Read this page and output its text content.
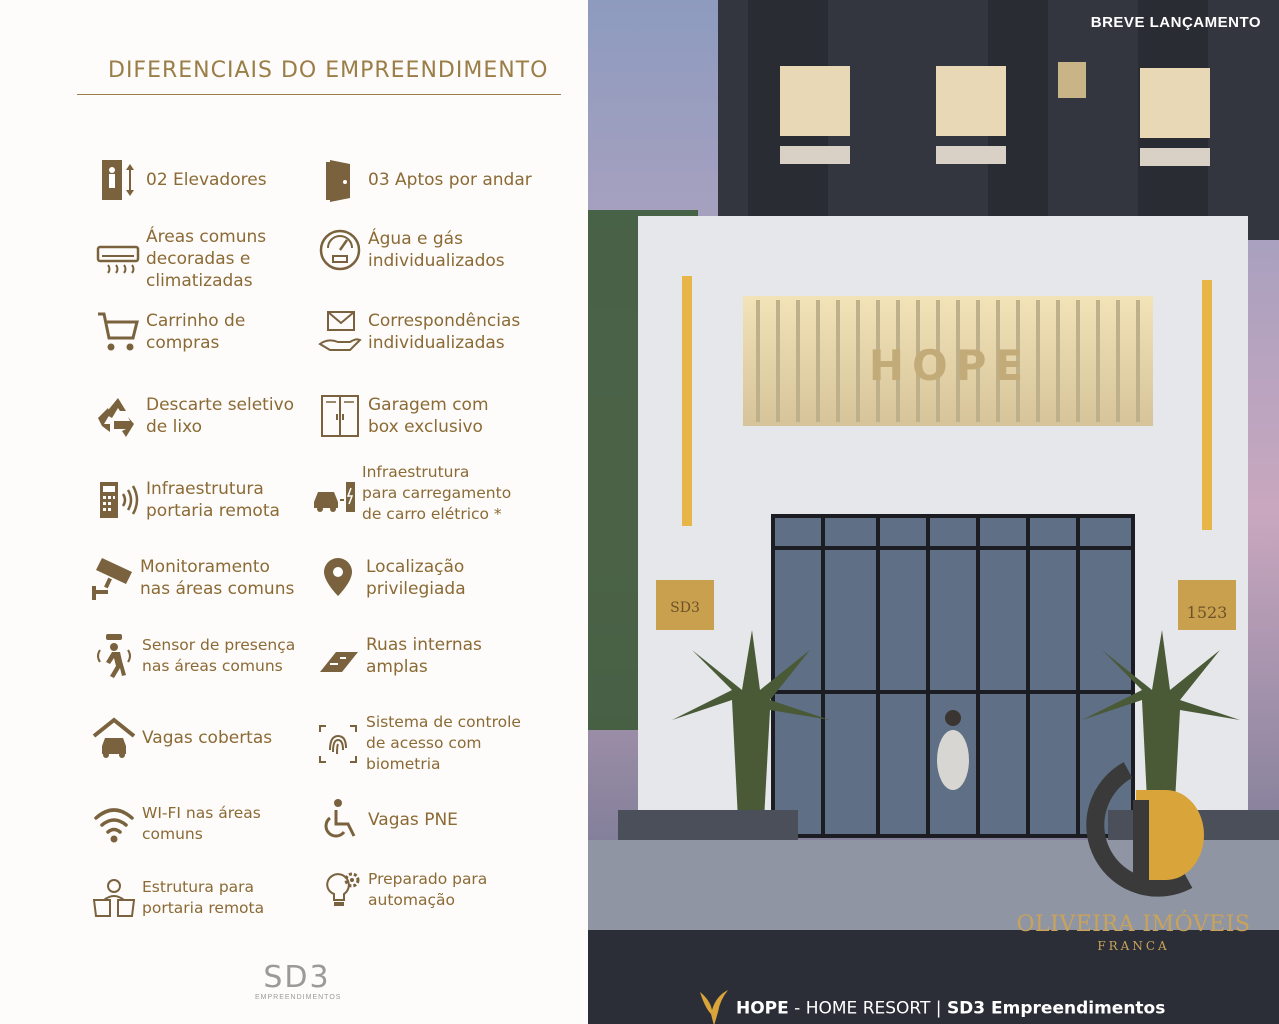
DIFERENCIAIS DO EMPREENDIMENTO
02 Elevadores	03 Aptos por andar
Áreas comuns
decoradas e
climatizadas
Água e gás
individualizados
Carrinho de
compras
Correspondências
individualizadas
Descarte seletivo
de lixo
Garagem com
box exclusivo
Infraestrutura
portaria remota
Infraestrutura
para carregamento
de carro elétrico *
Monitoramento
nas áreas comuns
Localização
privilegiada
Sensor de presença
nas áreas comuns
Ruas internas
amplas
Vagas cobertas
Sistema de controle
de acesso com
biometria
WI-FI nas áreas
comuns
Vagas PNE
Estrutura para
portaria remota
Preparado para
automação
SD3
EMPREENDIMENTOS
HOPE
SD3	1523
BREVE LANÇAMENTO
OLIVEIRA IMÓVEIS
FRANCA
HOPE - HOME RESORT | SD3 Empreendimentos
